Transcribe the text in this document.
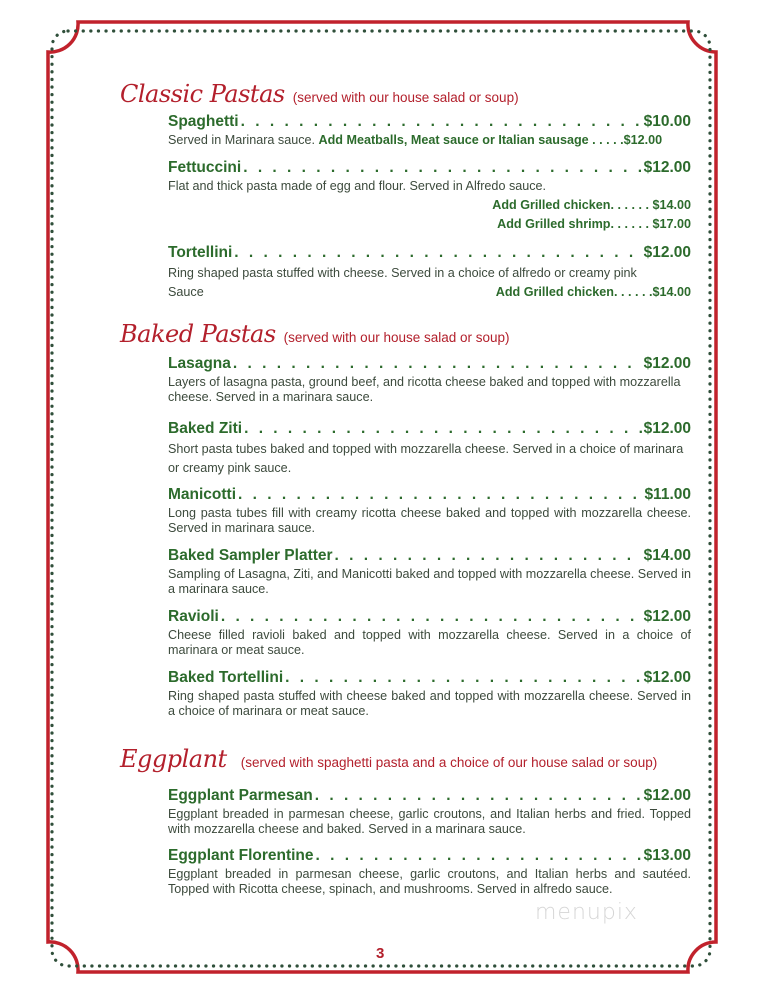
Classic Pastas (served with our house salad or soup)
Spaghetti . . .	$10.00
Served in Marinara sauce. Add Meatballs, Meat sauce or Italian sausage . . . . .$12.00
Fettuccini . . .	$12.00
Flat and thick pasta made of egg and flour. Served in Alfredo sauce.
Add Grilled chicken. . . . . . $14.00
Add Grilled shrimp. . . . . . $17.00
Tortellini . . .	$12.00
Ring shaped pasta stuffed with cheese. Served in a choice of alfredo or creamy pink
Sauce	Add Grilled chicken. . . . . .$14.00
Baked Pastas (served with our house salad or soup)
Lasagna . . .	$12.00
Layers of lasagna pasta, ground beef, and ricotta cheese baked and topped with mozzarella cheese. Served in a marinara sauce.
Baked Ziti . . .	$12.00
Short pasta tubes baked and topped with mozzarella cheese. Served in a choice of marinara or creamy pink sauce.
Manicotti . . .	$11.00
Long pasta tubes fill with creamy ricotta cheese baked and topped with mozzarella cheese. Served in marinara sauce.
Baked Sampler Platter . . .	$14.00
Sampling of Lasagna, Ziti, and Manicotti baked and topped with mozzarella cheese. Served in a marinara sauce.
Ravioli . . .	$12.00
Cheese filled ravioli baked and topped with mozzarella cheese. Served in a choice of marinara or meat sauce.
Baked Tortellini . . .	$12.00
Ring shaped pasta stuffed with cheese baked and topped with mozzarella cheese. Served in a choice of marinara or meat sauce.
Eggplant (served with spaghetti pasta and a choice of our house salad or soup)
Eggplant Parmesan . . .	$12.00
Eggplant breaded in parmesan cheese, garlic croutons, and Italian herbs and fried. Topped with mozzarella cheese and baked. Served in a marinara sauce.
Eggplant Florentine . . .	$13.00
Eggplant breaded in parmesan cheese, garlic croutons, and Italian herbs and sautéed. Topped with Ricotta cheese, spinach, and mushrooms. Served in alfredo sauce.
menupix
3
